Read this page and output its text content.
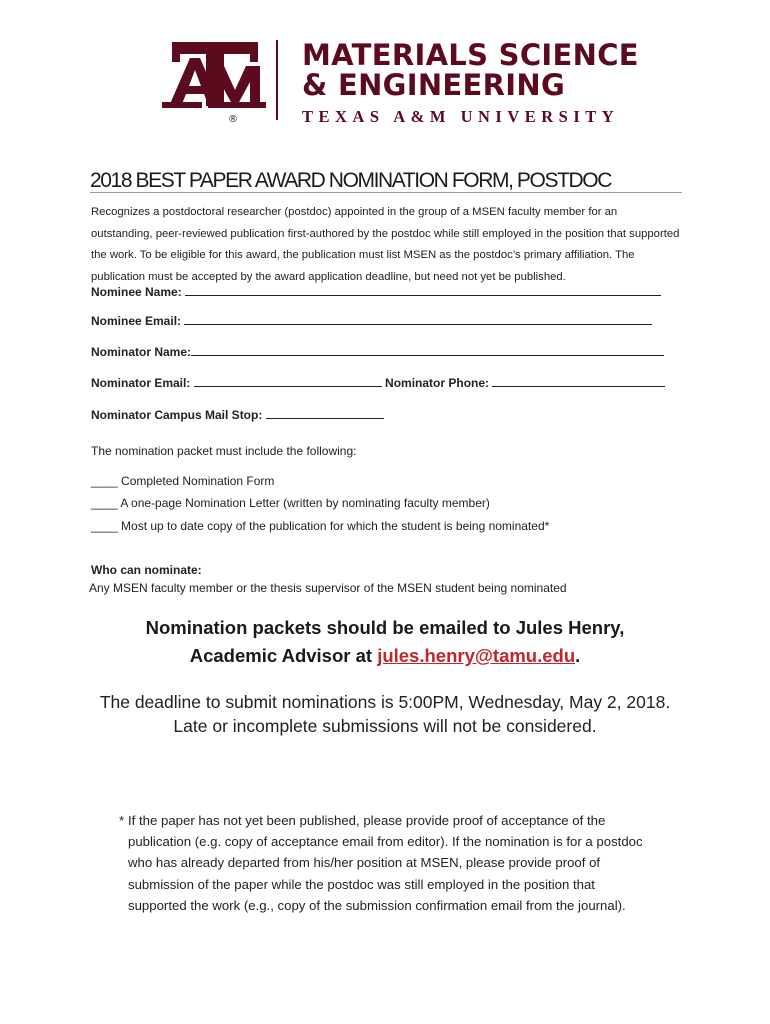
®
MATERIALS SCIENCE
& ENGINEERING
TEXAS A&M UNIVERSITY
2018 BEST PAPER AWARD NOMINATION FORM, POSTDOC
Recognizes a postdoctoral researcher (postdoc) appointed in the group of a MSEN faculty member for an outstanding, peer-reviewed publication first-authored by the postdoc while still employed in the position that supported the work. To be eligible for this award, the publication must list MSEN as the postdoc’s primary affiliation. The publication must be accepted by the award application deadline, but need not yet be published.
Nominee Name:
Nominee Email:
Nominator Name:
Nominator Email:	Nominator Phone:
Nominator Campus Mail Stop:
The nomination packet must include the following:
____ Completed Nomination Form
____ A one-page Nomination Letter (written by nominating faculty member)
____ Most up to date copy of the publication for which the student is being nominated*
Who can nominate:
Any MSEN faculty member or the thesis supervisor of the MSEN student being nominated
Nomination packets should be emailed to Jules Henry,
Academic Advisor at jules.henry@tamu.edu.
The deadline to submit nominations is 5:00PM, Wednesday, May 2, 2018.
Late or incomplete submissions will not be considered.
* If the paper has not yet been published, please provide proof of acceptance of the publication (e.g. copy of acceptance email from editor). If the nomination is for a postdoc who has already departed from his/her position at MSEN, please provide proof of submission of the paper while the postdoc was still employed in the position that supported the work (e.g., copy of the submission confirmation email from the journal).
